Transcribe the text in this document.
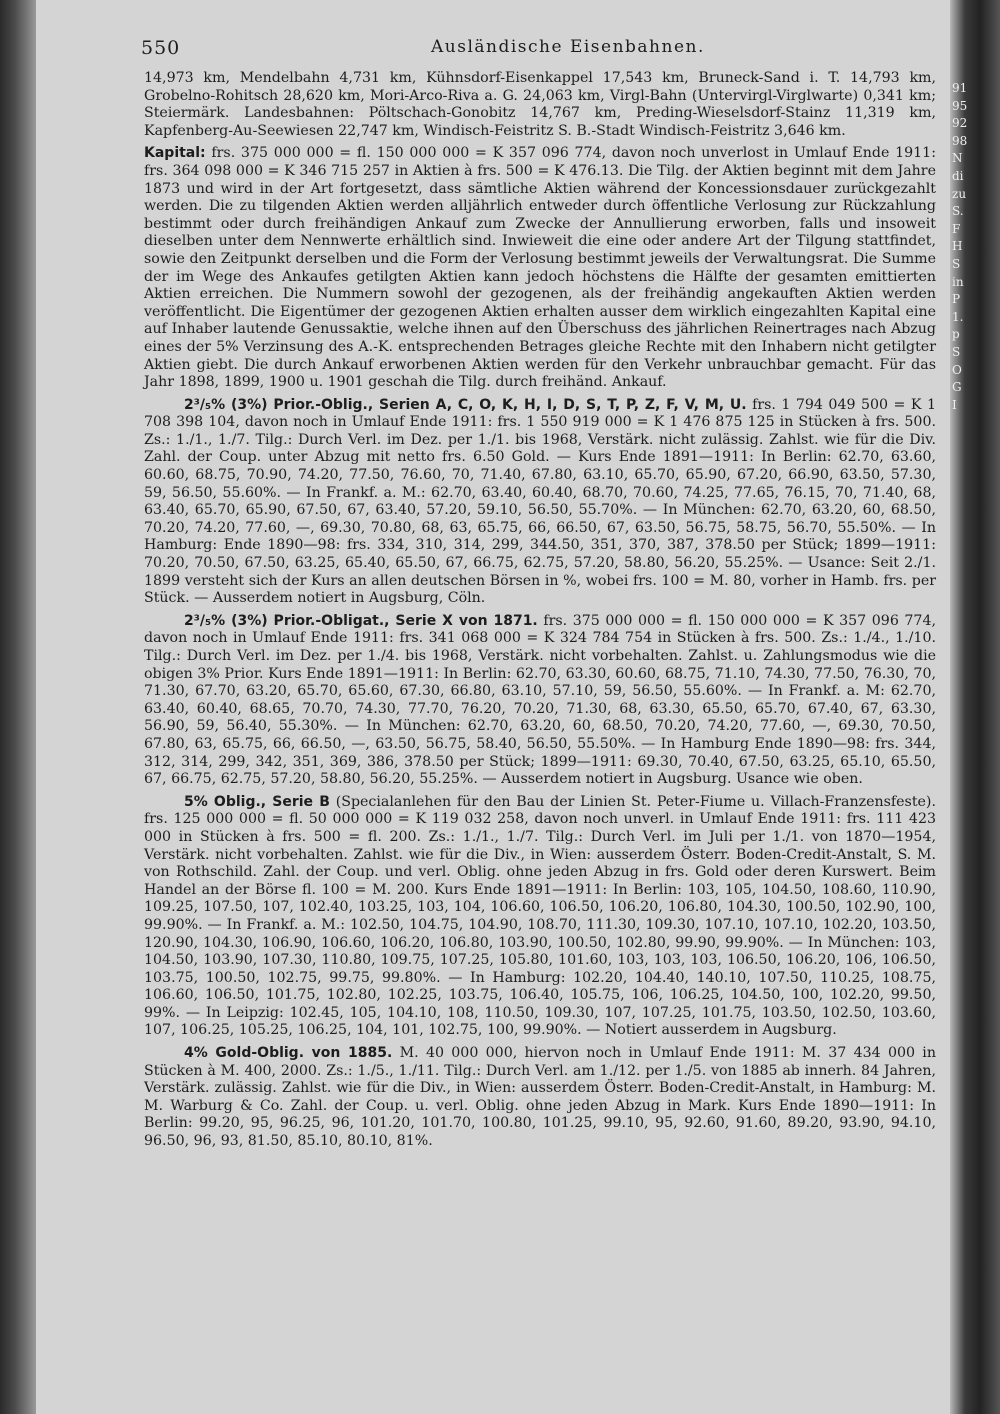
550	Ausländische Eisenbahnen.

14,973 km, Mendelbahn 4,731 km, Kühnsdorf-Eisenkappel 17,543 km, Bruneck-Sand i. T. 14,793 km, Grobelno-Rohitsch 28,620 km, Mori-Arco-Riva a. G. 24,063 km, Virgl-Bahn (Untervirgl-Virglwarte) 0,341 km; Steiermärk. Landesbahnen: Pöltschach-Gonobitz 14,767 km, Preding-Wieselsdorf-Stainz 11,319 km, Kapfenberg-Au-Seewiesen 22,747 km, Windisch-Feistritz S. B.-Stadt Windisch-Feistritz 3,646 km.

Kapital: frs. 375 000 000 = fl. 150 000 000 = K 357 096 774, davon noch unverlost in Umlauf Ende 1911: frs. 364 098 000 = K 346 715 257 in Aktien à frs. 500 = K 476.13. Die Tilg. der Aktien beginnt mit dem Jahre 1873 und wird in der Art fortgesetzt, dass sämtliche Aktien während der Koncessionsdauer zurückgezahlt werden. Die zu tilgenden Aktien werden alljährlich entweder durch öffentliche Verlosung zur Rückzahlung bestimmt oder durch freihändigen Ankauf zum Zwecke der Annullierung erworben, falls und insoweit dieselben unter dem Nennwerte erhältlich sind. Inwieweit die eine oder andere Art der Tilgung stattfindet, sowie den Zeitpunkt derselben und die Form der Verlosung bestimmt jeweils der Verwaltungsrat. Die Summe der im Wege des Ankaufes getilgten Aktien kann jedoch höchstens die Hälfte der gesamten emittierten Aktien erreichen. Die Nummern sowohl der gezogenen, als der freihändig angekauften Aktien werden veröffentlicht. Die Eigentümer der gezogenen Aktien erhalten ausser dem wirklich eingezahlten Kapital eine auf Inhaber lautende Genussaktie, welche ihnen auf den Überschuss des jährlichen Reinertrages nach Abzug eines der 5% Verzinsung des A.-K. entsprechenden Betrages gleiche Rechte mit den Inhabern nicht getilgter Aktien giebt. Die durch Ankauf erworbenen Aktien werden für den Verkehr unbrauchbar gemacht. Für das Jahr 1898, 1899, 1900 u. 1901 geschah die Tilg. durch freihänd. Ankauf.

2³/₅% (3%) Prior.-Oblig., Serien A, C, O, K, H, I, D, S, T, P, Z, F, V, M, U. frs. 1 794 049 500 = K 1 708 398 104, davon noch in Umlauf Ende 1911: frs. 1 550 919 000 = K 1 476 875 125 in Stücken à frs. 500. Zs.: 1./1., 1./7. Tilg.: Durch Verl. im Dez. per 1./1. bis 1968, Verstärk. nicht zulässig. Zahlst. wie für die Div. Zahl. der Coup. unter Abzug mit netto frs. 6.50 Gold. — Kurs Ende 1891—1911: In Berlin: 62.70, 63.60, 60.60, 68.75, 70.90, 74.20, 77.50, 76.60, 70, 71.40, 67.80, 63.10, 65.70, 65.90, 67.20, 66.90, 63.50, 57.30, 59, 56.50, 55.60%. — In Frankf. a. M.: 62.70, 63.40, 60.40, 68.70, 70.60, 74.25, 77.65, 76.15, 70, 71.40, 68, 63.40, 65.70, 65.90, 67.50, 67, 63.40, 57.20, 59.10, 56.50, 55.70%. — In München: 62.70, 63.20, 60, 68.50, 70.20, 74.20, 77.60, —, 69.30, 70.80, 68, 63, 65.75, 66, 66.50, 67, 63.50, 56.75, 58.75, 56.70, 55.50%. — In Hamburg: Ende 1890—98: frs. 334, 310, 314, 299, 344.50, 351, 370, 387, 378.50 per Stück; 1899—1911: 70.20, 70.50, 67.50, 63.25, 65.40, 65.50, 67, 66.75, 62.75, 57.20, 58.80, 56.20, 55.25%. — Usance: Seit 2./1. 1899 versteht sich der Kurs an allen deutschen Börsen in %, wobei frs. 100 = M. 80, vorher in Hamb. frs. per Stück. — Ausserdem notiert in Augsburg, Cöln.

2³/₅% (3%) Prior.-Obligat., Serie X von 1871. frs. 375 000 000 = fl. 150 000 000 = K 357 096 774, davon noch in Umlauf Ende 1911: frs. 341 068 000 = K 324 784 754 in Stücken à frs. 500. Zs.: 1./4., 1./10. Tilg.: Durch Verl. im Dez. per 1./4. bis 1968, Verstärk. nicht vorbehalten. Zahlst. u. Zahlungsmodus wie die obigen 3% Prior. Kurs Ende 1891—1911: In Berlin: 62.70, 63.30, 60.60, 68.75, 71.10, 74.30, 77.50, 76.30, 70, 71.30, 67.70, 63.20, 65.70, 65.60, 67.30, 66.80, 63.10, 57.10, 59, 56.50, 55.60%. — In Frankf. a. M: 62.70, 63.40, 60.40, 68.65, 70.70, 74.30, 77.70, 76.20, 70.20, 71.30, 68, 63.30, 65.50, 65.70, 67.40, 67, 63.30, 56.90, 59, 56.40, 55.30%. — In München: 62.70, 63.20, 60, 68.50, 70.20, 74.20, 77.60, —, 69.30, 70.50, 67.80, 63, 65.75, 66, 66.50, —, 63.50, 56.75, 58.40, 56.50, 55.50%. — In Hamburg Ende 1890—98: frs. 344, 312, 314, 299, 342, 351, 369, 386, 378.50 per Stück; 1899—1911: 69.30, 70.40, 67.50, 63.25, 65.10, 65.50, 67, 66.75, 62.75, 57.20, 58.80, 56.20, 55.25%. — Ausserdem notiert in Augsburg. Usance wie oben.

5% Oblig., Serie B (Specialanlehen für den Bau der Linien St. Peter-Fiume u. Villach-Franzensfeste). frs. 125 000 000 = fl. 50 000 000 = K 119 032 258, davon noch unverl. in Umlauf Ende 1911: frs. 111 423 000 in Stücken à frs. 500 = fl. 200. Zs.: 1./1., 1./7. Tilg.: Durch Verl. im Juli per 1./1. von 1870—1954, Verstärk. nicht vorbehalten. Zahlst. wie für die Div., in Wien: ausserdem Österr. Boden-Credit-Anstalt, S. M. von Rothschild. Zahl. der Coup. und verl. Oblig. ohne jeden Abzug in frs. Gold oder deren Kurswert. Beim Handel an der Börse fl. 100 = M. 200. Kurs Ende 1891—1911: In Berlin: 103, 105, 104.50, 108.60, 110.90, 109.25, 107.50, 107, 102.40, 103.25, 103, 104, 106.60, 106.50, 106.20, 106.80, 104.30, 100.50, 102.90, 100, 99.90%. — In Frankf. a. M.: 102.50, 104.75, 104.90, 108.70, 111.30, 109.30, 107.10, 107.10, 102.20, 103.50, 120.90, 104.30, 106.90, 106.60, 106.20, 106.80, 103.90, 100.50, 102.80, 99.90, 99.90%. — In München: 103, 104.50, 103.90, 107.30, 110.80, 109.75, 107.25, 105.80, 101.60, 103, 103, 103, 106.50, 106.20, 106, 106.50, 103.75, 100.50, 102.75, 99.75, 99.80%. — In Hamburg: 102.20, 104.40, 140.10, 107.50, 110.25, 108.75, 106.60, 106.50, 101.75, 102.80, 102.25, 103.75, 106.40, 105.75, 106, 106.25, 104.50, 100, 102.20, 99.50, 99%. — In Leipzig: 102.45, 105, 104.10, 108, 110.50, 109.30, 107, 107.25, 101.75, 103.50, 102.50, 103.60, 107, 106.25, 105.25, 106.25, 104, 101, 102.75, 100, 99.90%. — Notiert ausserdem in Augsburg.

4% Gold-Oblig. von 1885. M. 40 000 000, hiervon noch in Umlauf Ende 1911: M. 37 434 000 in Stücken à M. 400, 2000. Zs.: 1./5., 1./11. Tilg.: Durch Verl. am 1./12. per 1./5. von 1885 ab innerh. 84 Jahren, Verstärk. zulässig. Zahlst. wie für die Div., in Wien: ausserdem Österr. Boden-Credit-Anstalt, in Hamburg: M. M. Warburg & Co. Zahl. der Coup. u. verl. Oblig. ohne jeden Abzug in Mark. Kurs Ende 1890—1911: In Berlin: 99.20, 95, 96.25, 96, 101.20, 101.70, 100.80, 101.25, 99.10, 95, 92.60, 91.60, 89.20, 93.90, 94.10, 96.50, 96, 93, 81.50, 85.10, 80.10, 81%.

91
95
92
98
N
di
zu
S.
F
H
S
in
P
1.
p
S
O
G
I
